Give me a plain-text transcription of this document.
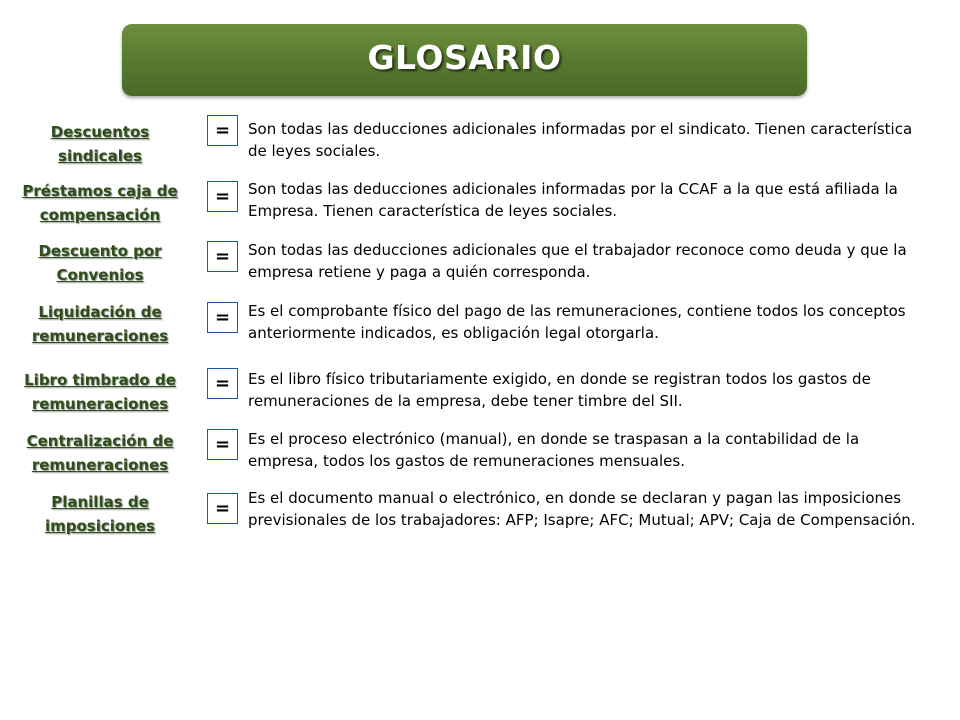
GLOSARIO
Descuentos sindicales
=	Son todas las deducciones adicionales informadas por el sindicato. Tienen característica de leyes sociales.
Préstamos caja de compensación
=	Son todas las deducciones adicionales informadas por la CCAF a la que está afiliada la Empresa. Tienen característica de leyes sociales.
Descuento por Convenios
=	Son todas las deducciones adicionales que el trabajador reconoce como deuda y que la empresa retiene y paga a quién corresponda.
Liquidación de remuneraciones
=	Es el comprobante físico del pago de las remuneraciones, contiene todos los conceptos anteriormente indicados, es obligación legal otorgarla.
Libro timbrado de remuneraciones
=	Es el libro físico tributariamente exigido, en donde se registran todos los gastos de remuneraciones de la empresa, debe tener timbre del SII.
Centralización de remuneraciones
=	Es el proceso electrónico (manual), en donde se traspasan a la contabilidad de la empresa, todos los gastos de remuneraciones mensuales.
Planillas de imposiciones
=	Es el documento manual o electrónico, en donde se declaran y pagan las imposiciones previsionales de los trabajadores: AFP; Isapre; AFC; Mutual; APV; Caja de Compensación.
